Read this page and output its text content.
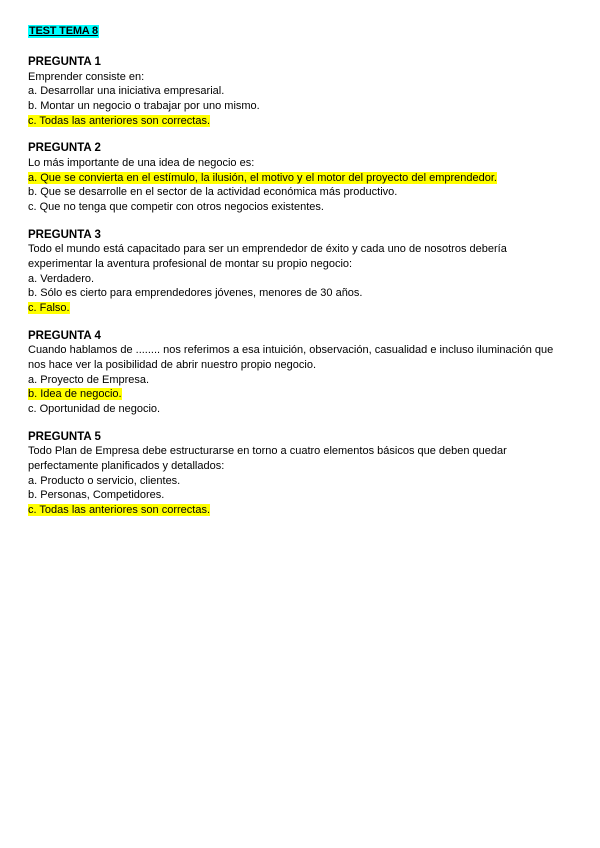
TEST TEMA 8

PREGUNTA 1

Emprender consiste en:

a. Desarrollar una iniciativa empresarial.

b. Montar un negocio o trabajar por uno mismo.

c. Todas las anteriores son correctas.

PREGUNTA 2

Lo más importante de una idea de negocio es:

a. Que se convierta en el estímulo, la ilusión, el motivo y el motor del proyecto del emprendedor.

b. Que se desarrolle en el sector de la actividad económica más productivo.

c. Que no tenga que competir con otros negocios existentes.

PREGUNTA 3

Todo el mundo está capacitado para ser un emprendedor de éxito y cada uno de nosotros debería
experimentar la aventura profesional de montar su propio negocio:

a. Verdadero.

b. Sólo es cierto para emprendedores jóvenes, menores de 30 años.

c. Falso.

PREGUNTA 4

Cuando hablamos de ........ nos referimos a esa intuición, observación, casualidad e incluso iluminación que
nos hace ver la posibilidad de abrir nuestro propio negocio.

a. Proyecto de Empresa.

b. Idea de negocio.

c. Oportunidad de negocio.

PREGUNTA 5

Todo Plan de Empresa debe estructurarse en torno a cuatro elementos básicos que deben quedar
perfectamente planificados y detallados:

a. Producto o servicio, clientes.

b. Personas, Competidores.

c. Todas las anteriores son correctas.
